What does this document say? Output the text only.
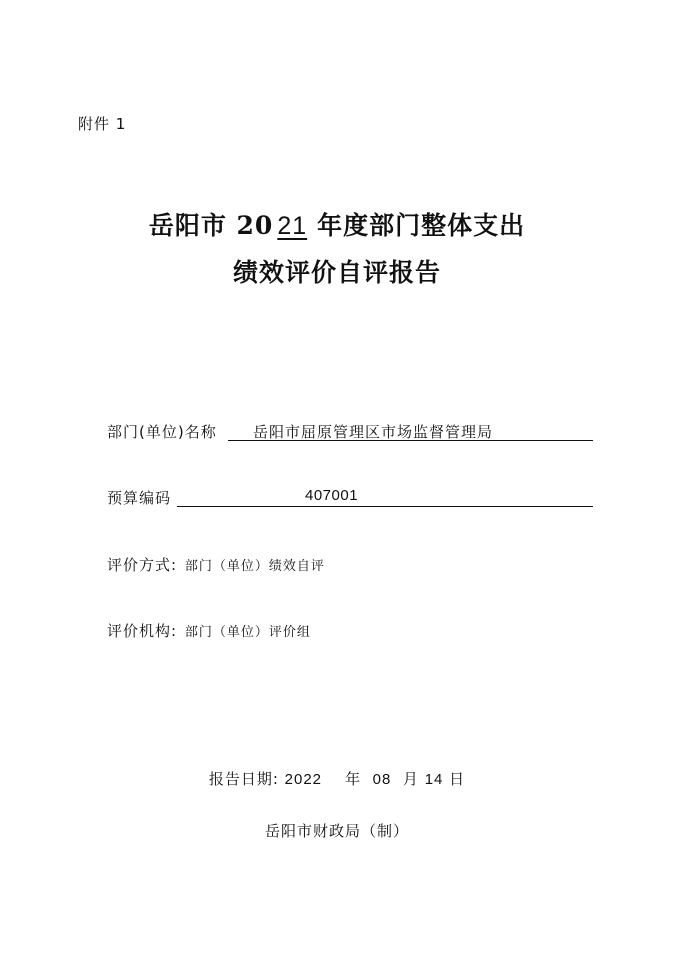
附件 1
岳阳市 20 21 年度部门整体支出
绩效评价自评报告
部门(单位)名称 岳阳市屈原管理区市场监督管理局
预算编码	407001
评价方式: 部门（单位）绩效自评
评价机构: 部门（单位）评价组
报告日期: 2022 年 08 月 14 日
岳阳市财政局（制）
